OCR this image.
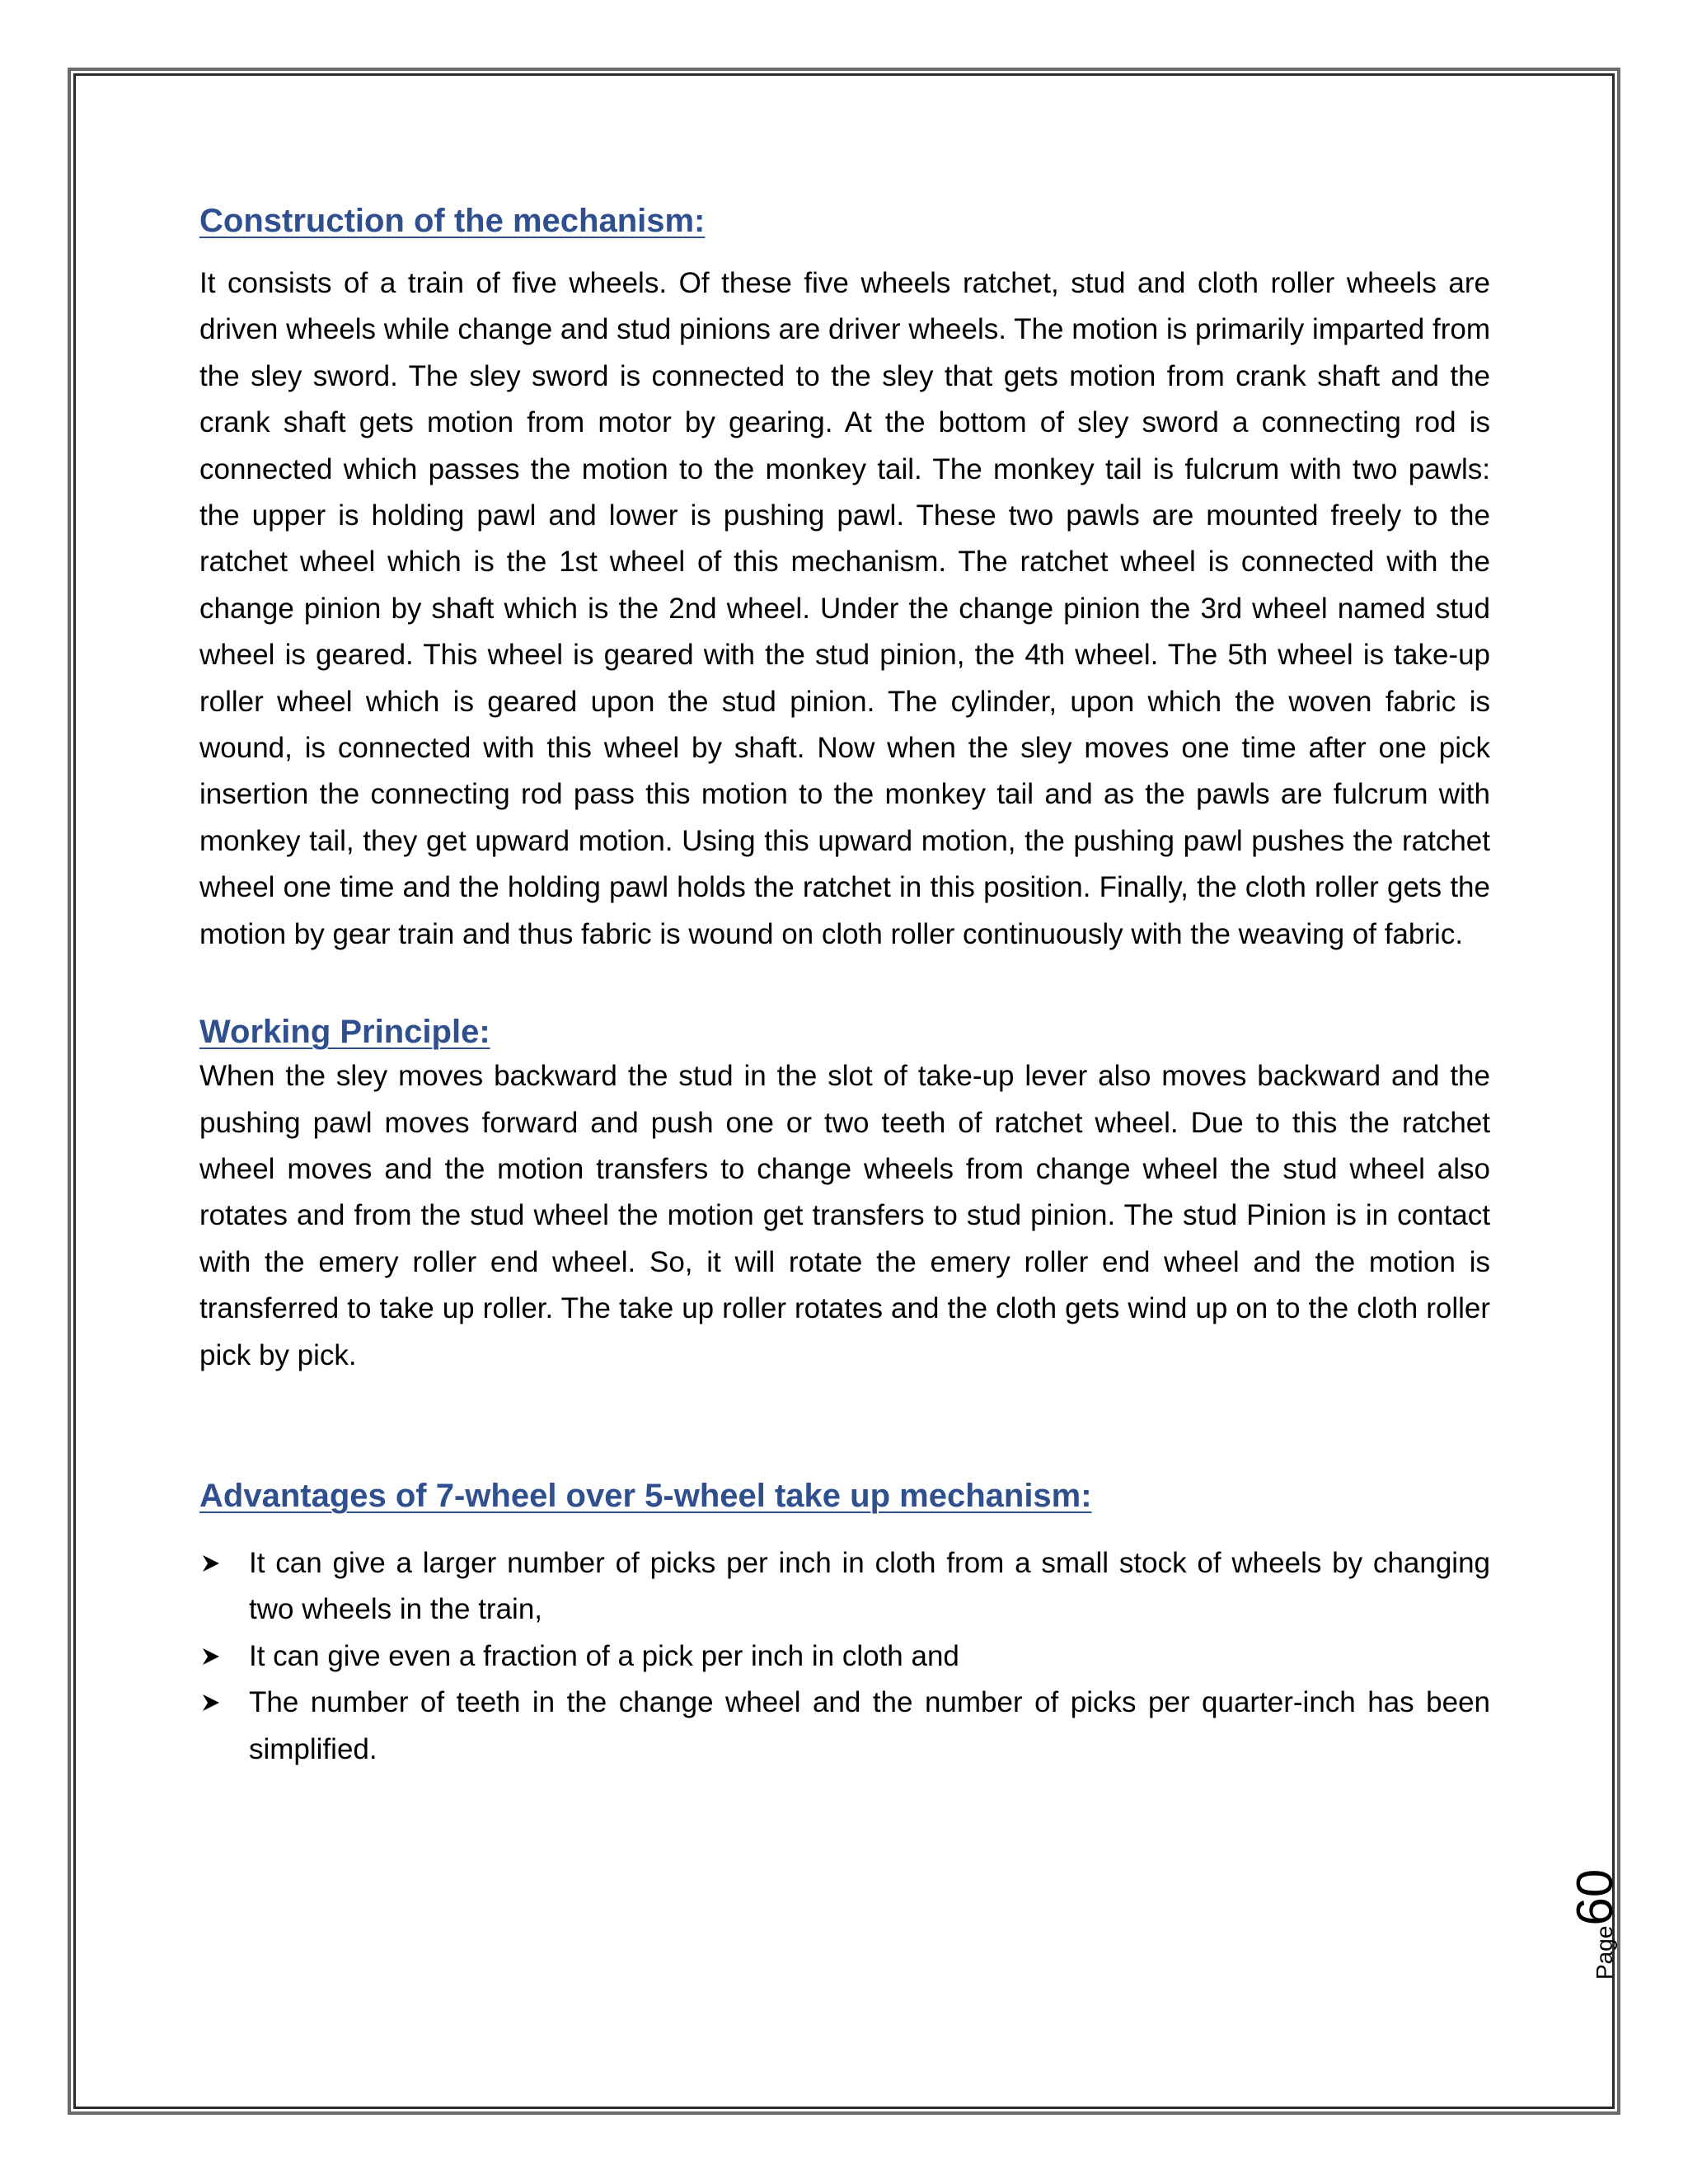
Construction of the mechanism:

It consists of a train of five wheels. Of these five wheels ratchet, stud and cloth roller wheels are driven wheels while change and stud pinions are driver wheels. The motion is primarily imparted from the sley sword. The sley sword is connected to the sley that gets motion from crank shaft and the crank shaft gets motion from motor by gearing. At the bottom of sley sword a connecting rod is connected which passes the motion to the monkey tail. The monkey tail is fulcrum with two pawls: the upper is holding pawl and lower is pushing pawl. These two pawls are mounted freely to the ratchet wheel which is the 1st wheel of this mechanism. The ratchet wheel is connected with the change pinion by shaft which is the 2nd wheel. Under the change pinion the 3rd wheel named stud wheel is geared. This wheel is geared with the stud pinion, the 4th wheel. The 5th wheel is take-up roller wheel which is geared upon the stud pinion. The cylinder, upon which the woven fabric is wound, is connected with this wheel by shaft. Now when the sley moves one time after one pick insertion the connecting rod pass this motion to the monkey tail and as the pawls are fulcrum with monkey tail, they get upward motion. Using this upward motion, the pushing pawl pushes the ratchet wheel one time and the holding pawl holds the ratchet in this position. Finally, the cloth roller gets the motion by gear train and thus fabric is wound on cloth roller continuously with the weaving of fabric.

Working Principle:

When the sley moves backward the stud in the slot of take-up lever also moves backward and the pushing pawl moves forward and push one or two teeth of ratchet wheel. Due to this the ratchet wheel moves and the motion transfers to change wheels from change wheel the stud wheel also rotates and from the stud wheel the motion get transfers to stud pinion. The stud Pinion is in contact with the emery roller end wheel. So, it will rotate the emery roller end wheel and the motion is transferred to take up roller. The take up roller rotates and the cloth gets wind up on to the cloth roller pick by pick.

Advantages of 7-wheel over 5-wheel take up mechanism:
It can give a larger number of picks per inch in cloth from a small stock of wheels by changing two wheels in the train,
It can give even a fraction of a pick per inch in cloth and
The number of teeth in the change wheel and the number of picks per quarter-inch has been simplified.
Page
60
